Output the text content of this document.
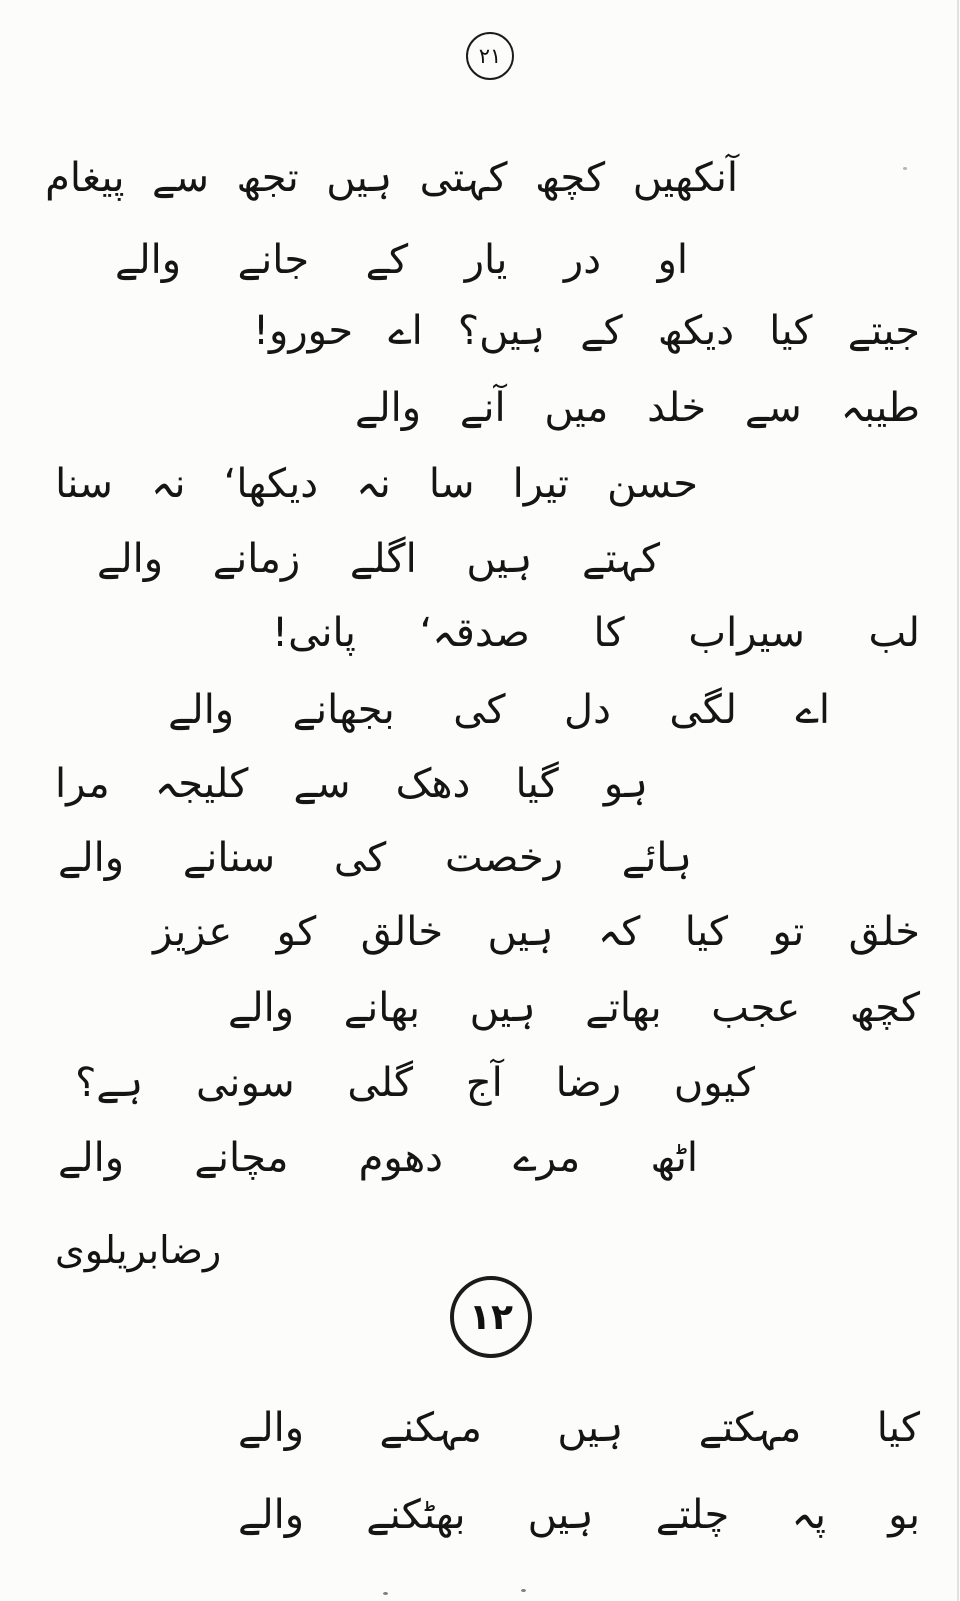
۲۱
آنکھیں
کچھ
کہتی
ہیں
تجھ
سے
پیغام
او
در
یار
کے
جانے
والے
جیتے
کیا
دیکھ
کے
ہیں؟
اے
حورو!
طیبہ
سے
خلد
میں
آنے
والے
حسن
تیرا
سا
نہ
دیکھا‘
نہ
سنا
کہتے
ہیں
اگلے
زمانے
والے
لب
سیراب
کا
صدقہ‘
پانی!
اے
لگی
دل
کی
بجھانے
والے
ہو
گیا
دھک
سے
کلیجہ
مرا
ہائے
رخصت
کی
سنانے
والے
خلق
تو
کیا
کہ
ہیں
خالق
کو
عزیز
کچھ
عجب
بھاتے
ہیں
بھانے
والے
کیوں
رضا
آج
گلی
سونی
ہے؟
اٹھ
مرے
دھوم
مچانے
والے
رضابریلوی
۱۲
کیا
مہکتے
ہیں
مہکنے
والے
بو
پہ
چلتے
ہیں
بھٹکنے
والے
